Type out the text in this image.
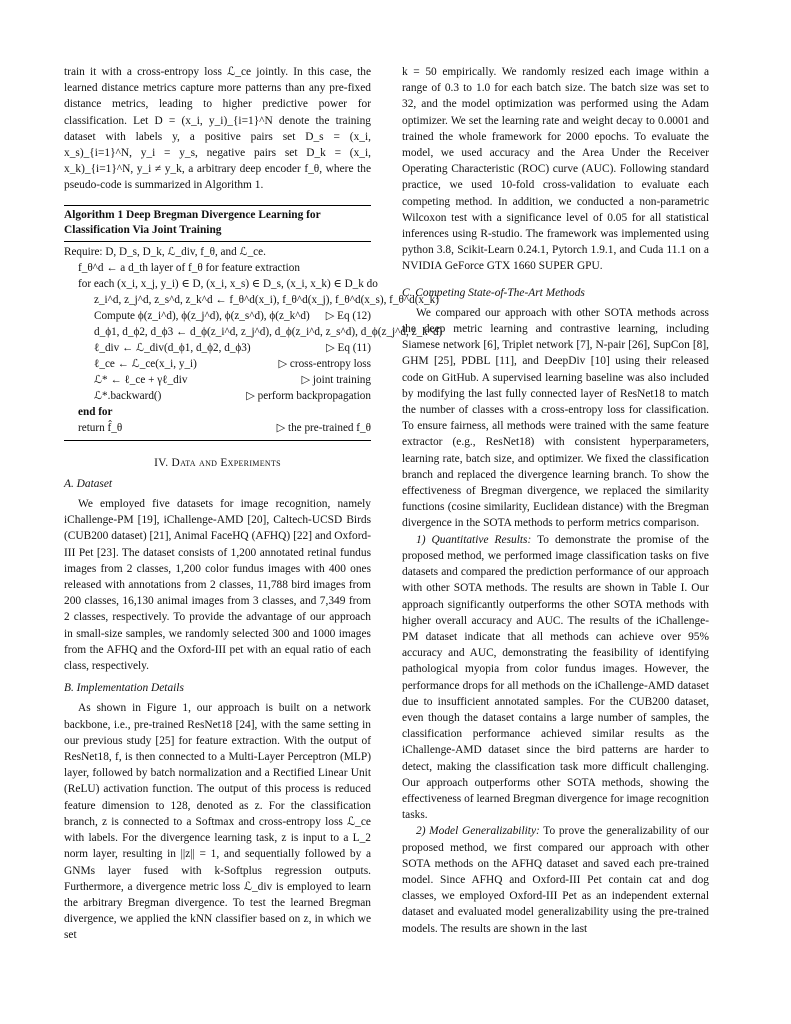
train it with a cross-entropy loss ℒ_ce jointly. In this case, the learned distance metrics capture more patterns than any pre-fixed distance metrics, leading to higher predictive power for classification. Let D = (x_i, y_i)_{i=1}^N denote the training dataset with labels y, a positive pairs set D_s = (x_i, x_s)_{i=1}^N, y_i = y_s, negative pairs set D_k = (x_i, x_k)_{i=1}^N, y_i ≠ y_k, a arbitrary deep encoder f_θ, where the pseudo-code is summarized in Algorithm 1.

Algorithm 1 Deep Bregman Divergence Learning for Classification Via Joint Training
Require: D, D_s, D_k, ℒ_div, f_θ, and ℒ_ce.
f_θ^d ← a d_th layer of f_θ for feature extraction
for each (x_i, x_j, y_i) ∈ D, (x_i, x_s) ∈ D_s, (x_i, x_k) ∈ D_k do
z_i^d, z_j^d, z_s^d, z_k^d ← f_θ^d(x_i), f_θ^d(x_j), f_θ^d(x_s), f_θ^d(x_k)
Compute ϕ(z_i^d), ϕ(z_j^d), ϕ(z_s^d), ϕ(z_k^d)	▷ Eq (12)
d_ϕ1, d_ϕ2, d_ϕ3 ← d_ϕ(z_i^d, z_j^d), d_ϕ(z_i^d, z_s^d), d_ϕ(z_j^d, z_k^d)
ℓ_div ← ℒ_div(d_ϕ1, d_ϕ2, d_ϕ3)	▷ Eq (11)
ℓ_ce ← ℒ_ce(x_i, y_i)	▷ cross-entropy loss
ℒ* ← ℓ_ce + γℓ_div	▷ joint training
ℒ*.backward()	▷ perform backpropagation
end for
return f̂_θ	▷ the pre-trained f_θ
IV. Data and Experiments
A. Dataset

We employed five datasets for image recognition, namely iChallenge-PM [19], iChallenge-AMD [20], Caltech-UCSD Birds (CUB200 dataset) [21], Animal FaceHQ (AFHQ) [22] and Oxford-III Pet [23]. The dataset consists of 1,200 annotated retinal fundus images from 2 classes, 1,200 color fundus images with 400 ones released with annotations from 2 classes, 11,788 bird images from 200 classes, 16,130 animal images from 3 classes, and 7,349 from 2 classes, respectively. To provide the advantage of our approach in small-size samples, we randomly selected 300 and 1000 images from the AFHQ and the Oxford-III pet with an equal ratio of each class, respectively.

B. Implementation Details

As shown in Figure 1, our approach is built on a network backbone, i.e., pre-trained ResNet18 [24], with the same setting in our previous study [25] for feature extraction. With the output of ResNet18, f, is then connected to a Multi-Layer Perceptron (MLP) layer, followed by batch normalization and a Rectified Linear Unit (ReLU) activation function. The output of this process is reduced feature dimension to 128, denoted as z. For the classification branch, z is connected to a Softmax and cross-entropy loss ℒ_ce with labels. For the divergence learning task, z is input to a L_2 norm layer, resulting in ||z|| = 1, and sequentially followed by a GNMs layer fused with k-Softplus regression outputs. Furthermore, a divergence metric loss ℒ_div is employed to learn the arbitrary Bregman divergence. To test the learned Bregman divergence, we applied the kNN classifier based on z, in which we set

k = 50 empirically. We randomly resized each image within a range of 0.3 to 1.0 for each batch size. The batch size was set to 32, and the model optimization was performed using the Adam optimizer. We set the learning rate and weight decay to 0.0001 and trained the whole framework for 2000 epochs. To evaluate the model, we used accuracy and the Area Under the Receiver Operating Characteristic (ROC) curve (AUC). Following standard practice, we used 10-fold cross-validation to evaluate each competing method. In addition, we conducted a non-parametric Wilcoxon test with a significance level of 0.05 for all statistical inferences using R-studio. The framework was implemented using python 3.8, Scikit-Learn 0.24.1, Pytorch 1.9.1, and Cuda 11.1 on a NVIDIA GeForce GTX 1660 SUPER GPU.

C. Competing State-of-The-Art Methods

We compared our approach with other SOTA methods across the deep metric learning and contrastive learning, including Siamese network [6], Triplet network [7], N-pair [26], SupCon [8], GHM [25], PDBL [11], and DeepDiv [10] using their released code on GitHub. A supervised learning baseline was also included by modifying the last fully connected layer of ResNet18 to match the number of classes with a cross-entropy loss for classification. To ensure fairness, all methods were trained with the same feature extractor (e.g., ResNet18) with consistent hyperparameters, learning rate, batch size, and optimizer. We fixed the classification branch and replaced the divergence learning branch. To show the effectiveness of Bregman divergence, we replaced the similarity functions (cosine similarity, Euclidean distance) with the Bregman divergence in the SOTA methods to perform metrics comparison.

1) Quantitative Results: To demonstrate the promise of the proposed method, we performed image classification tasks on five datasets and compared the prediction performance of our approach with other SOTA methods. The results are shown in Table I. Our approach significantly outperforms the other SOTA methods with higher overall accuracy and AUC. The results of the iChallenge-PM dataset indicate that all methods can achieve over 95% accuracy and AUC, demonstrating the feasibility of identifying pathological myopia from color fundus images. However, the performance drops for all methods on the iChallenge-AMD dataset due to insufficient annotated samples. For the CUB200 dataset, even though the dataset contains a large number of samples, the classification performance achieved similar results as the iChallenge-AMD dataset since the bird patterns are harder to detect, making the classification task more difficult challenging. Our approach outperforms other SOTA methods, showing the effectiveness of learned Bregman divergence for image recognition tasks.

2) Model Generalizability: To prove the generalizability of our proposed method, we first compared our approach with other SOTA methods on the AFHQ dataset and saved each pre-trained model. Since AFHQ and Oxford-III Pet contain cat and dog classes, we employed Oxford-III Pet as an independent external dataset and evaluated model generalizability using the pre-trained models. The results are shown in the last
